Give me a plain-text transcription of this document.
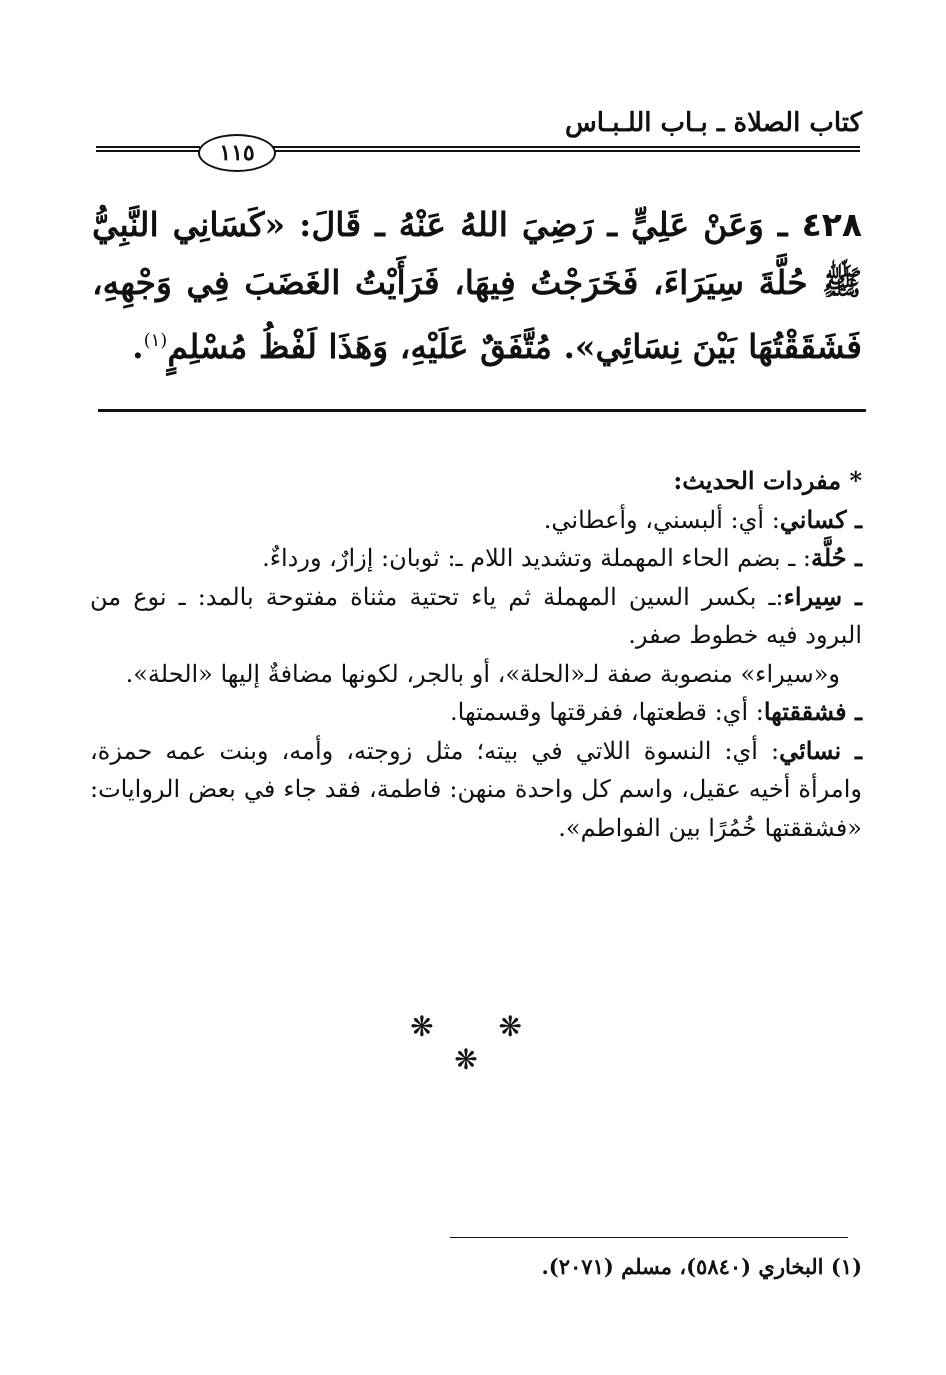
كتاب الصلاة ـ بـاب اللـبـاس
١١٥
٤٢٨ ـ وَعَنْ عَلِيٍّ ـ رَضِيَ اللهُ عَنْهُ ـ قَالَ: «كَسَانِي النَّبِيُّ ﷺ حُلَّةَ سِيَرَاءَ، فَخَرَجْتُ فِيهَا، فَرَأَيْتُ الغَضَبَ فِي وَجْهِهِ، فَشَقَقْتُهَا بَيْنَ نِسَائِي». مُتَّفَقٌ عَلَيْهِ، وَهَذَا لَفْظُ مُسْلِمٍ$^{(١)}$.
* مفردات الحديث:

ـ كساني: أي: ألبسني، وأعطاني.

ـ حُلَّة: ـ بضم الحاء المهملة وتشديد اللام ـ: ثوبان: إزارٌ، ورداءٌ.

ـ سِيراء:ـ بكسر السين المهملة ثم ياء تحتية مثناة مفتوحة بالمد: ـ نوع من البرود فيه خطوط صفر.

و«سيراء» منصوبة صفة لـ«الحلة»، أو بالجر، لكونها مضافةٌ إليها «الحلة».

ـ فشققتها: أي: قطعتها، ففرقتها وقسمتها.

ـ نسائي: أي: النسوة اللاتي في بيته؛ مثل زوجته، وأمه، وبنت عمه حمزة، وامرأة أخيه عقيل، واسم كل واحدة منهن: فاطمة، فقد جاء في بعض الروايات: «فشققتها خُمُرًا بين الفواطم».

❋ ❋ ❋
(١) البخاري (٥٨٤٠)، مسلم (٢٠٧١).
